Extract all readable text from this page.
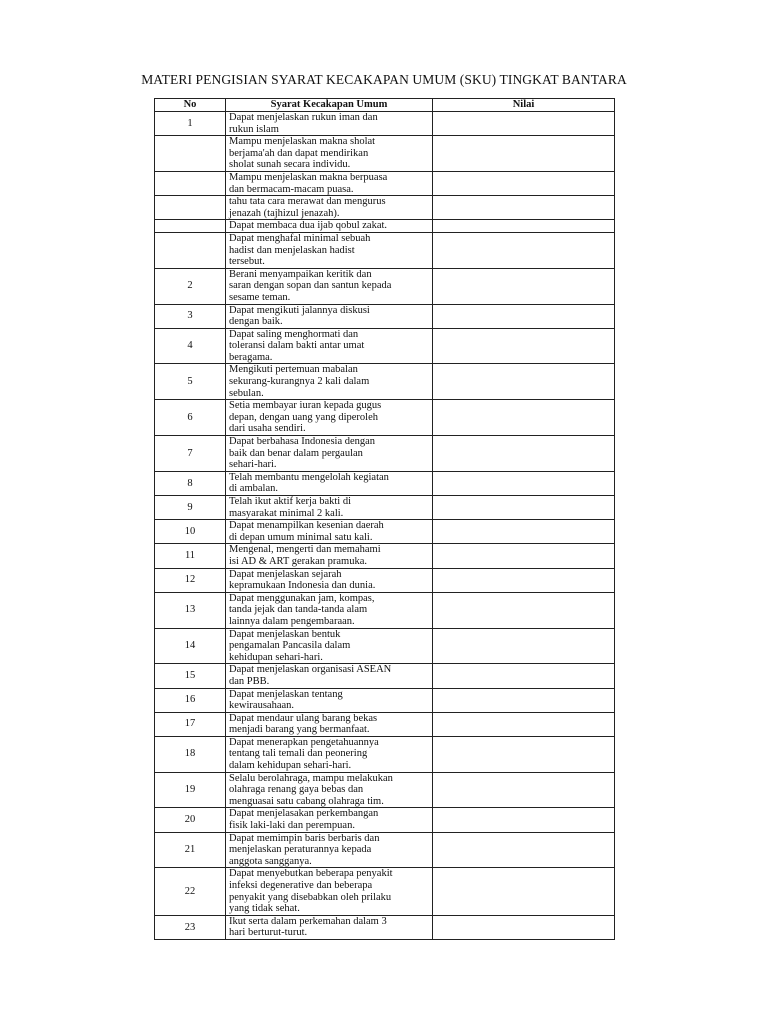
MATERI PENGISIAN SYARAT KECAKAPAN UMUM (SKU) TINGKAT BANTARA
No	Syarat Kecakapan Umum	Nilai
1	Dapat menjelaskan rukun iman dan
rukun islam	

	Mampu menjelaskan makna sholat
berjama'ah dan dapat mendirikan
sholat sunah secara individu.	

	Mampu menjelaskan makna berpuasa
dan bermacam-macam puasa.	

	tahu tata cara merawat dan mengurus
jenazah (tajhizul jenazah).	

	Dapat membaca dua ijab qobul zakat.	

	Dapat menghafal minimal sebuah
hadist dan menjelaskan hadist
tersebut.	

2	Berani menyampaikan keritik dan
saran dengan sopan dan santun kepada
sesame teman.	

3	Dapat mengikuti jalannya diskusi
dengan baik.	

4	Dapat saling menghormati dan
toleransi dalam bakti antar umat
beragama.	

5	Mengikuti pertemuan mabalan
sekurang-kurangnya 2 kali dalam
sebulan.	

6	Setia membayar iuran kepada gugus
depan, dengan uang yang diperoleh
dari usaha sendiri.	

7	Dapat berbahasa Indonesia dengan
baik dan benar dalam pergaulan
sehari-hari.	

8	Telah membantu mengelolah kegiatan
di ambalan.	

9	Telah ikut aktif kerja bakti di
masyarakat minimal 2 kali.	

10	Dapat menampilkan kesenian daerah
di depan umum minimal satu kali.	

11	Mengenal, mengerti dan memahami
isi AD & ART gerakan pramuka.	

12	Dapat menjelaskan sejarah
kepramukaan Indonesia dan dunia.	

13	Dapat menggunakan jam, kompas,
tanda jejak dan tanda-tanda alam
lainnya dalam pengembaraan.	

14	Dapat menjelaskan bentuk
pengamalan Pancasila dalam
kehidupan sehari-hari.	

15	Dapat menjelaskan organisasi ASEAN
dan PBB.	

16	Dapat menjelaskan tentang
kewirausahaan.	

17	Dapat mendaur ulang barang bekas
menjadi barang yang bermanfaat.	

18	Dapat menerapkan pengetahuannya
tentang tali temali dan peonering
dalam kehidupan sehari-hari.	

19	Selalu berolahraga, mampu melakukan
olahraga renang gaya bebas dan
menguasai satu cabang olahraga tim.	

20	Dapat menjelasakan perkembangan
fisik laki-laki dan perempuan.	

21	Dapat memimpin baris berbaris dan
menjelaskan peraturannya kepada
anggota sangganya.	

22	Dapat menyebutkan beberapa penyakit
infeksi degenerative dan beberapa
penyakit yang disebabkan oleh prilaku
yang tidak sehat.	

23	Ikut serta dalam perkemahan dalam 3
hari berturut-turut.	
